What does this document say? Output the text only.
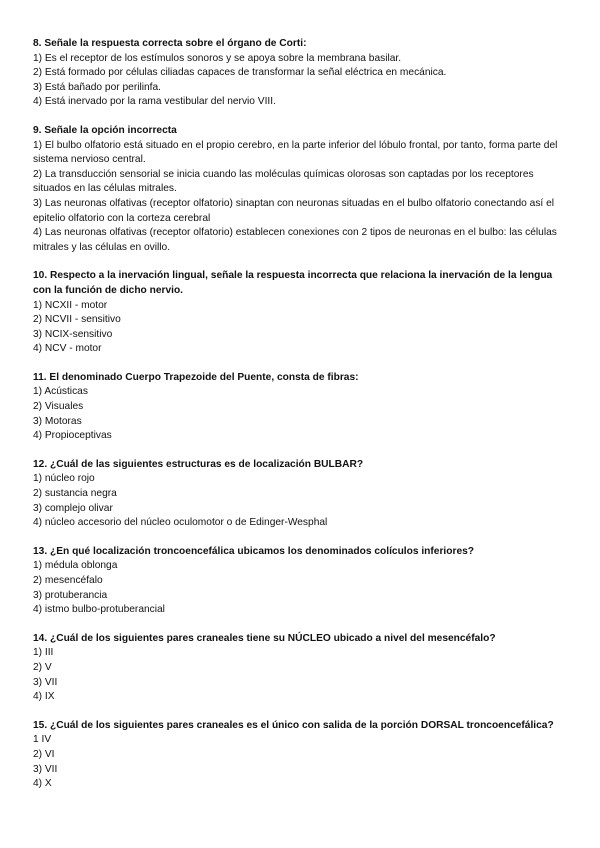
8. Señale la respuesta correcta sobre el órgano de Corti:

1) Es el receptor de los estímulos sonoros y se apoya sobre la membrana basilar.

2) Está formado por células ciliadas capaces de transformar la señal eléctrica en mecánica.

3) Está bañado por perilinfa.

4) Está inervado por la rama vestibular del nervio VIII.

9. Señale la opción incorrecta

1) El bulbo olfatorio está situado en el propio cerebro, en la parte inferior del lóbulo frontal, por tanto, forma parte del sistema nervioso central.

2) La transducción sensorial se inicia cuando las moléculas químicas olorosas son captadas por los receptores situados en las células mitrales.

3) Las neuronas olfativas (receptor olfatorio) sinaptan con neuronas situadas en el bulbo olfatorio conectando así el epitelio olfatorio con la corteza cerebral

4) Las neuronas olfativas (receptor olfatorio) establecen conexiones con 2 tipos de neuronas en el bulbo: las células mitrales y las células en ovillo.

10. Respecto a la inervación lingual, señale la respuesta incorrecta que relaciona la inervación de la lengua con la función de dicho nervio.

1) NCXII - motor

2) NCVII - sensitivo

3) NCIX-sensitivo

4) NCV - motor

11. El denominado Cuerpo Trapezoide del Puente, consta de fibras:

1) Acústicas

2) Visuales

3) Motoras

4) Propioceptivas

12. ¿Cuál de las siguientes estructuras es de localización BULBAR?

1) núcleo rojo

2) sustancia negra

3) complejo olivar

4) núcleo accesorio del núcleo oculomotor o de Edinger-Wesphal

13. ¿En qué localización troncoencefálica ubicamos los denominados colículos inferiores?

1) médula oblonga

2) mesencéfalo

3) protuberancia

4) istmo bulbo-protuberancial

14. ¿Cuál de los siguientes pares craneales tiene su NÚCLEO ubicado a nivel del mesencéfalo?

1) III

2) V

3) VII

4) IX

15. ¿Cuál de los siguientes pares craneales es el único con salida de la porción DORSAL troncoencefálica?

1 IV

2) VI

3) VII

4) X
